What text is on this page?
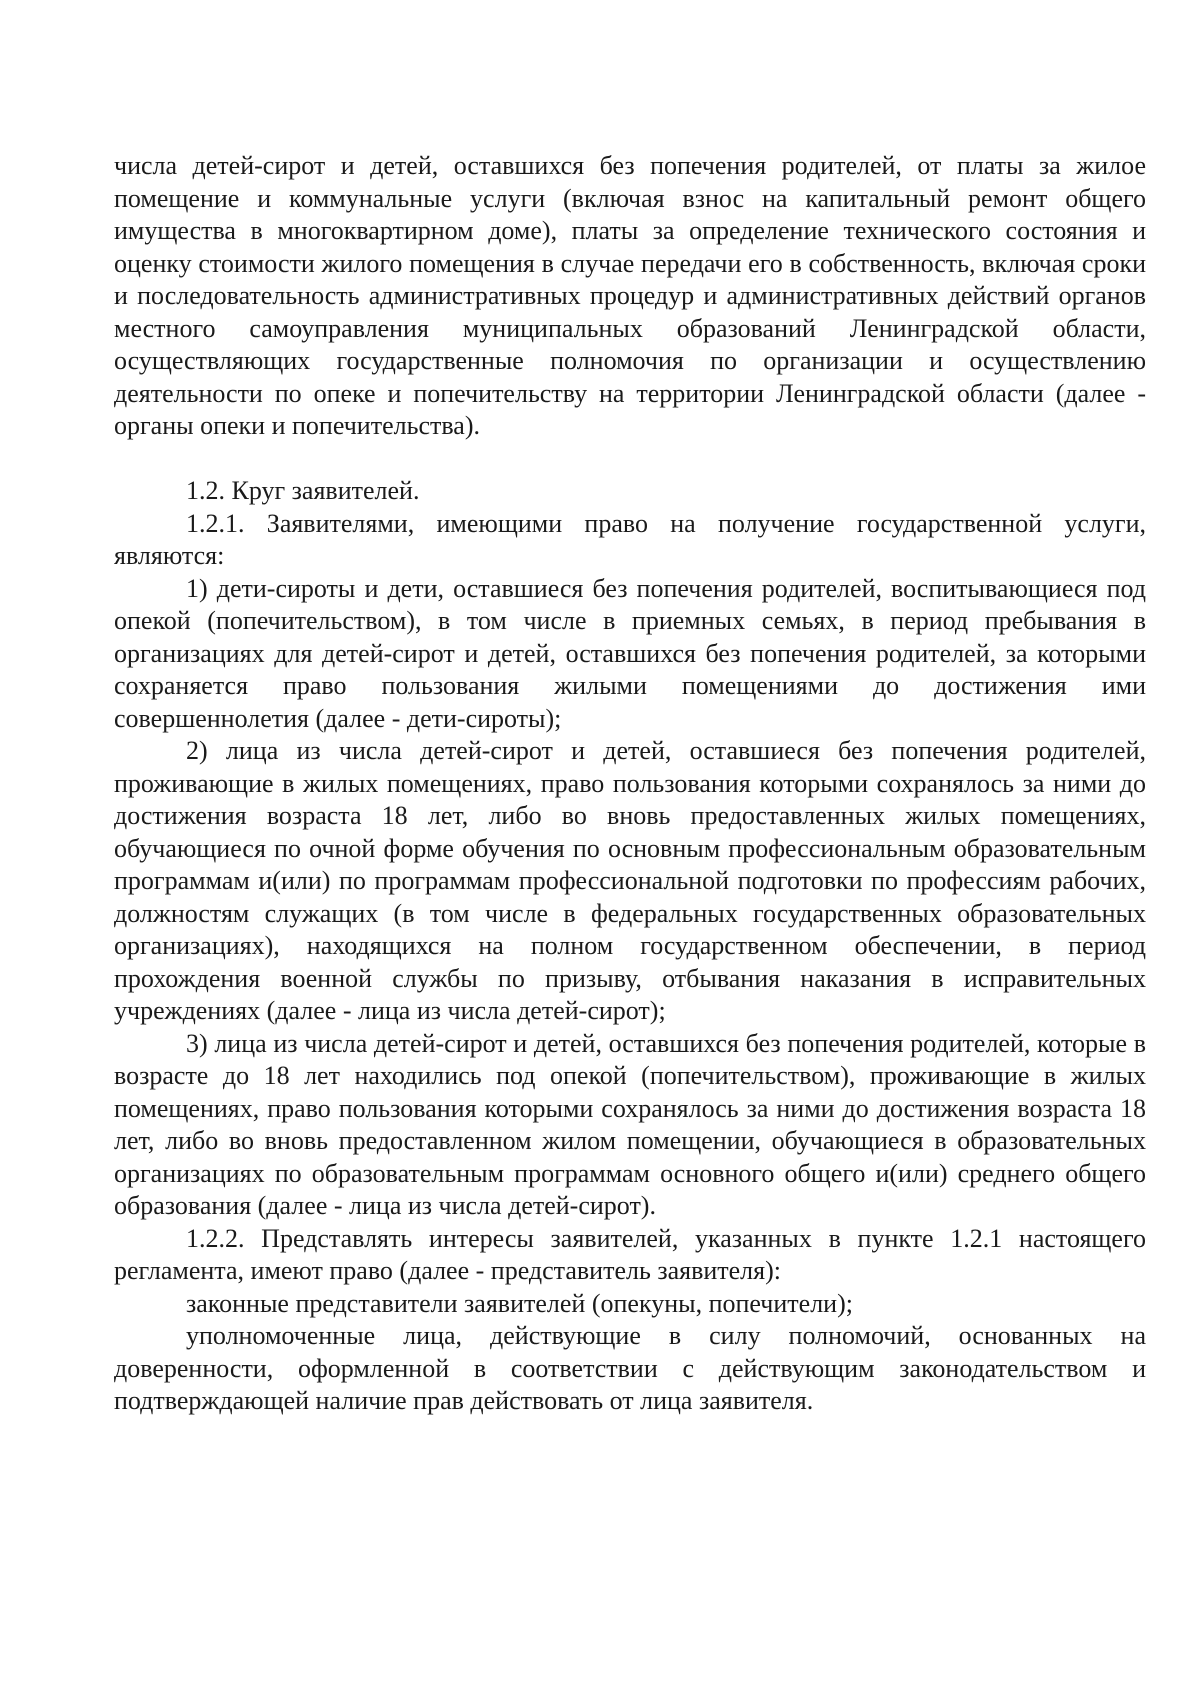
числа детей-сирот и детей, оставшихся без попечения родителей, от платы за жилое помещение и коммунальные услуги (включая взнос на капитальный ремонт общего имущества в многоквартирном доме), платы за определение технического состояния и оценку стоимости жилого помещения в случае передачи его в собственность, включая сроки и последовательность административных процедур и административных действий органов местного самоуправления муниципальных образований Ленинградской области, осуществляющих государственные полномочия по организации и осуществлению деятельности по опеке и попечительству на территории Ленинградской области (далее - органы опеки и попечительства).

1.2. Круг заявителей.

1.2.1. Заявителями, имеющими право на получение государственной услуги, являются:

1) дети-сироты и дети, оставшиеся без попечения родителей, воспитывающиеся под опекой (попечительством), в том числе в приемных семьях, в период пребывания в организациях для детей-сирот и детей, оставшихся без попечения родителей, за которыми сохраняется право пользования жилыми помещениями до достижения ими совершеннолетия (далее - дети-сироты);

2) лица из числа детей-сирот и детей, оставшиеся без попечения родителей, проживающие в жилых помещениях, право пользования которыми сохранялось за ними до достижения возраста 18 лет, либо во вновь предоставленных жилых помещениях, обучающиеся по очной форме обучения по основным профессиональным образовательным программам и(или) по программам профессиональной подготовки по профессиям рабочих, должностям служащих (в том числе в федеральных государственных образовательных организациях), находящихся на полном государственном обеспечении, в период прохождения военной службы по призыву, отбывания наказания в исправительных учреждениях (далее - лица из числа детей-сирот);

3) лица из числа детей-сирот и детей, оставшихся без попечения родителей, которые в возрасте до 18 лет находились под опекой (попечительством), проживающие в жилых помещениях, право пользования которыми сохранялось за ними до достижения возраста 18 лет, либо во вновь предоставленном жилом помещении, обучающиеся в образовательных организациях по образовательным программам основного общего и(или) среднего общего образования (далее - лица из числа детей-сирот).

1.2.2. Представлять интересы заявителей, указанных в пункте 1.2.1 настоящего регламента, имеют право (далее - представитель заявителя):

законные представители заявителей (опекуны, попечители);

уполномоченные лица, действующие в силу полномочий, основанных на доверенности, оформленной в соответствии с действующим законодательством и подтверждающей наличие прав действовать от лица заявителя.
